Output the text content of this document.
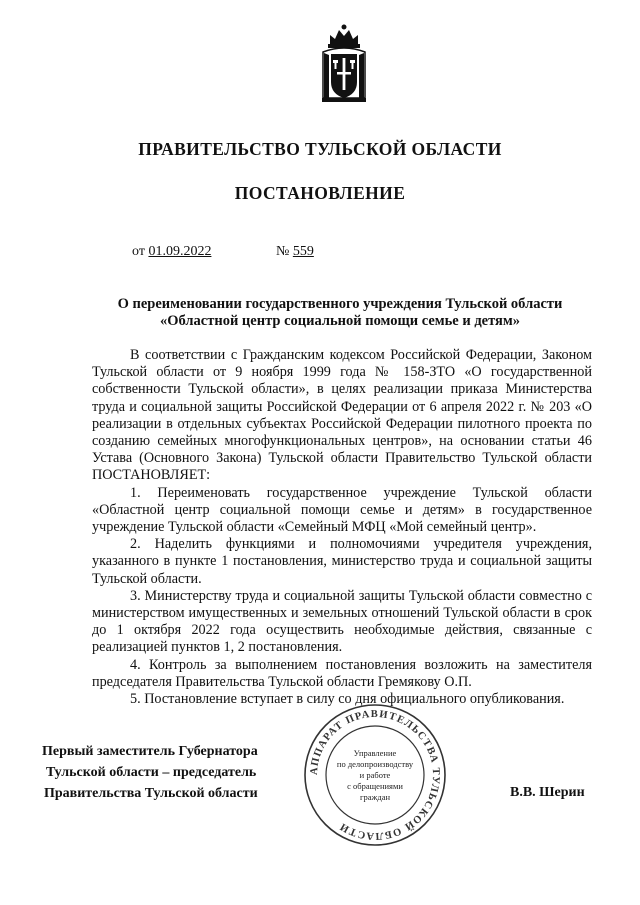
ПРАВИТЕЛЬСТВО ТУЛЬСКОЙ ОБЛАСТИ
ПОСТАНОВЛЕНИЕ
от 01.09.2022	№ 559
О переименовании государственного учреждения Тульской области
«Областной центр социальной помощи семье и детям»

В соответствии с Гражданским кодексом Российской Федерации, Законом Тульской области от 9 ноября 1999 года № 158-ЗТО «О государственной собственности Тульской области», в целях реализации приказа Министерства труда и социальной защиты Российской Федерации от 6 апреля 2022 г. № 203 «О реализации в отдельных субъектах Российской Федерации пилотного проекта по созданию семейных многофункциональных центров», на основании статьи 46 Устава (Основного Закона) Тульской области Правительство Тульской области ПОСТАНОВЛЯЕТ:

1. Переименовать государственное учреждение Тульской области «Областной центр социальной помощи семье и детям» в государственное учреждение Тульской области «Семейный МФЦ «Мой семейный центр».

2. Наделить функциями и полномочиями учредителя учреждения, указанного в пункте 1 постановления, министерство труда и социальной защиты Тульской области.

3. Министерству труда и социальной защиты Тульской области совместно с министерством имущественных и земельных отношений Тульской области в срок до 1 октября 2022 года осуществить необходимые действия, связанные с реализацией пунктов 1, 2 постановления.

4. Контроль за выполнением постановления возложить на заместителя председателя Правительства Тульской области Гремякову О.П.

5. Постановление вступает в силу со дня официального опубликования.

АППАРАТ ПРАВИТЕЛЬСТВА ТУЛЬСКОЙ ОБЛАСТИ
Управление
по делопроизводству
и работе
с обращениями
граждан
Первый заместитель Губернатора
Тульской области – председатель
Правительства Тульской области	В.В. Шерин
